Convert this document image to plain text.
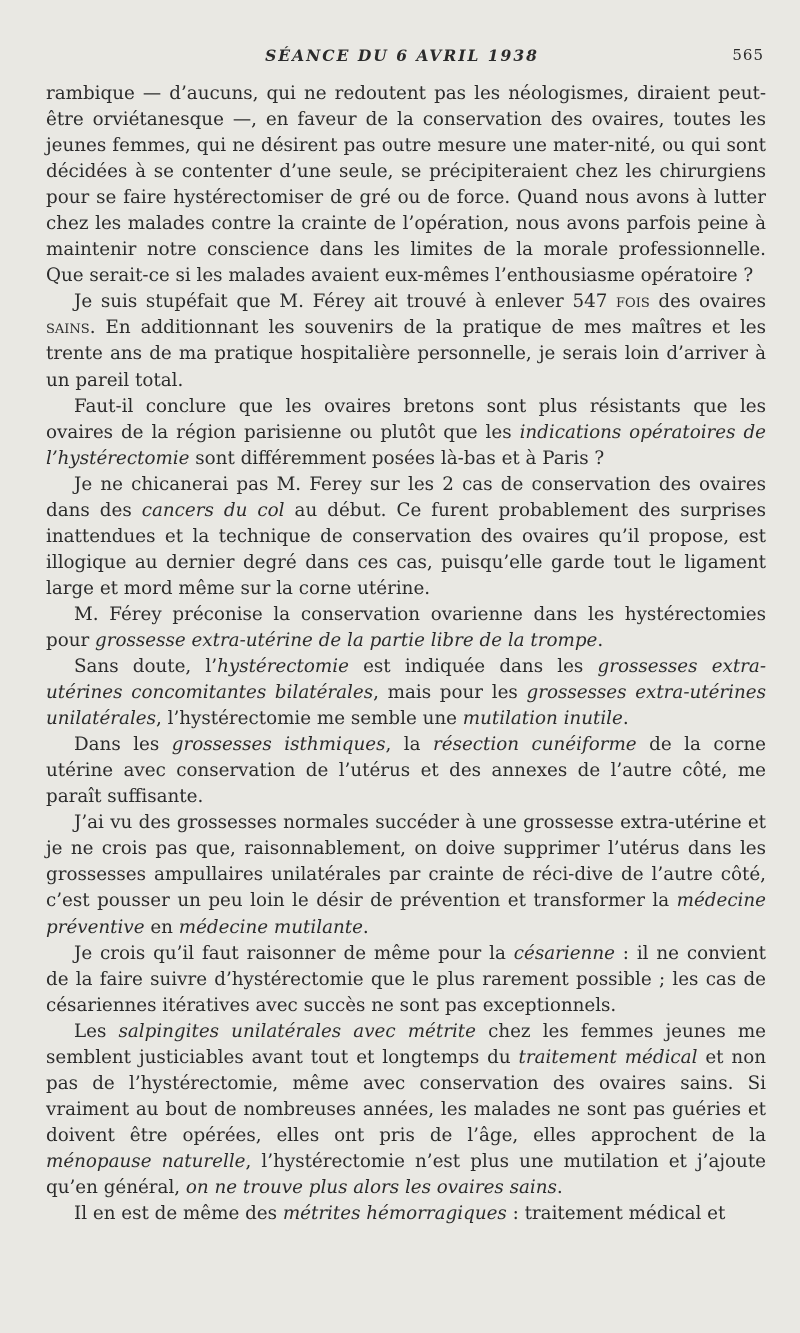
SÉANCE DU 6 AVRIL 1938	565

rambique — d’aucuns, qui ne redoutent pas les néologismes, diraient peut-être orviétanesque —, en faveur de la conservation des ovaires, toutes les jeunes femmes, qui ne désirent pas outre mesure une mater-nité, ou qui sont décidées à se contenter d’une seule, se précipiteraient chez les chirurgiens pour se faire hystérectomiser de gré ou de force. Quand nous avons à lutter chez les malades contre la crainte de l’opération, nous avons parfois peine à maintenir notre conscience dans les limites de la morale professionnelle. Que serait-ce si les malades avaient eux-mêmes l’enthousiasme opératoire ?

Je suis stupéfait que M. Férey ait trouvé à enlever 547 fois des ovaires sains. En additionnant les souvenirs de la pratique de mes maîtres et les trente ans de ma pratique hospitalière personnelle, je serais loin d’arriver à un pareil total.

Faut-il conclure que les ovaires bretons sont plus résistants que les ovaires de la région parisienne ou plutôt que les indications opératoires de l’hystérectomie sont différemment posées là-bas et à Paris ?

Je ne chicanerai pas M. Ferey sur les 2 cas de conservation des ovaires dans des cancers du col au début. Ce furent probablement des surprises inattendues et la technique de conservation des ovaires qu’il propose, est illogique au dernier degré dans ces cas, puisqu’elle garde tout le ligament large et mord même sur la corne utérine.

M. Férey préconise la conservation ovarienne dans les hystérectomies pour grossesse extra-utérine de la partie libre de la trompe.

Sans doute, l’hystérectomie est indiquée dans les grossesses extra-utérines concomitantes bilatérales, mais pour les grossesses extra-utérines unilatérales, l’hystérectomie me semble une mutilation inutile.

Dans les grossesses isthmiques, la résection cunéiforme de la corne utérine avec conservation de l’utérus et des annexes de l’autre côté, me paraît suffisante.

J’ai vu des grossesses normales succéder à une grossesse extra-utérine et je ne crois pas que, raisonnablement, on doive supprimer l’utérus dans les grossesses ampullaires unilatérales par crainte de réci-dive de l’autre côté, c’est pousser un peu loin le désir de prévention et transformer la médecine préventive en médecine mutilante.

Je crois qu’il faut raisonner de même pour la césarienne : il ne convient de la faire suivre d’hystérectomie que le plus rarement possible ; les cas de césariennes itératives avec succès ne sont pas exceptionnels.

Les salpingites unilatérales avec métrite chez les femmes jeunes me semblent justiciables avant tout et longtemps du traitement médical et non pas de l’hystérectomie, même avec conservation des ovaires sains. Si vraiment au bout de nombreuses années, les malades ne sont pas guéries et doivent être opérées, elles ont pris de l’âge, elles approchent de la ménopause naturelle, l’hystérectomie n’est plus une mutilation et j’ajoute qu’en général, on ne trouve plus alors les ovaires sains.

Il en est de même des métrites hémorragiques : traitement médical et
